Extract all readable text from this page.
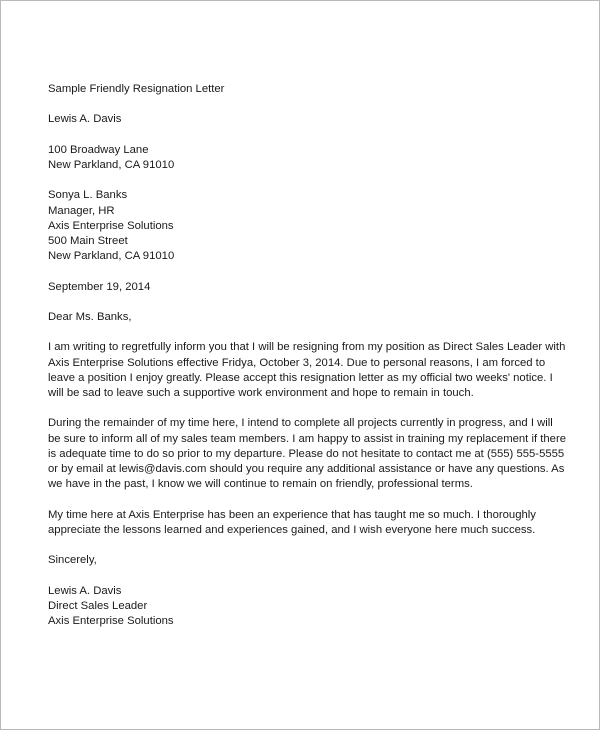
Sample Friendly Resignation Letter

Lewis A. Davis

100 Broadway Lane
New Parkland, CA 91010

Sonya L. Banks
Manager, HR
Axis Enterprise Solutions
500 Main Street
New Parkland, CA 91010

September 19, 2014

Dear Ms. Banks,

I am writing to regretfully inform you that I will be resigning from my position as Direct Sales Leader with Axis Enterprise Solutions effective Fridya, October 3, 2014. Due to personal reasons, I am forced to leave a position I enjoy greatly. Please accept this resignation letter as my official two weeks' notice. I will be sad to leave such a supportive work environment and hope to remain in touch.

During the remainder of my time here, I intend to complete all projects currently in progress, and I will be sure to inform all of my sales team members. I am happy to assist in training my replacement if there is adequate time to do so prior to my departure. Please do not hesitate to contact me at (555) 555-5555 or by email at lewis@davis.com should you require any additional assistance or have any questions. As we have in the past, I know we will continue to remain on friendly, professional terms.

My time here at Axis Enterprise has been an experience that has taught me so much. I thoroughly appreciate the lessons learned and experiences gained, and I wish everyone here much success.

Sincerely,

Lewis A. Davis
Direct Sales Leader
Axis Enterprise Solutions
